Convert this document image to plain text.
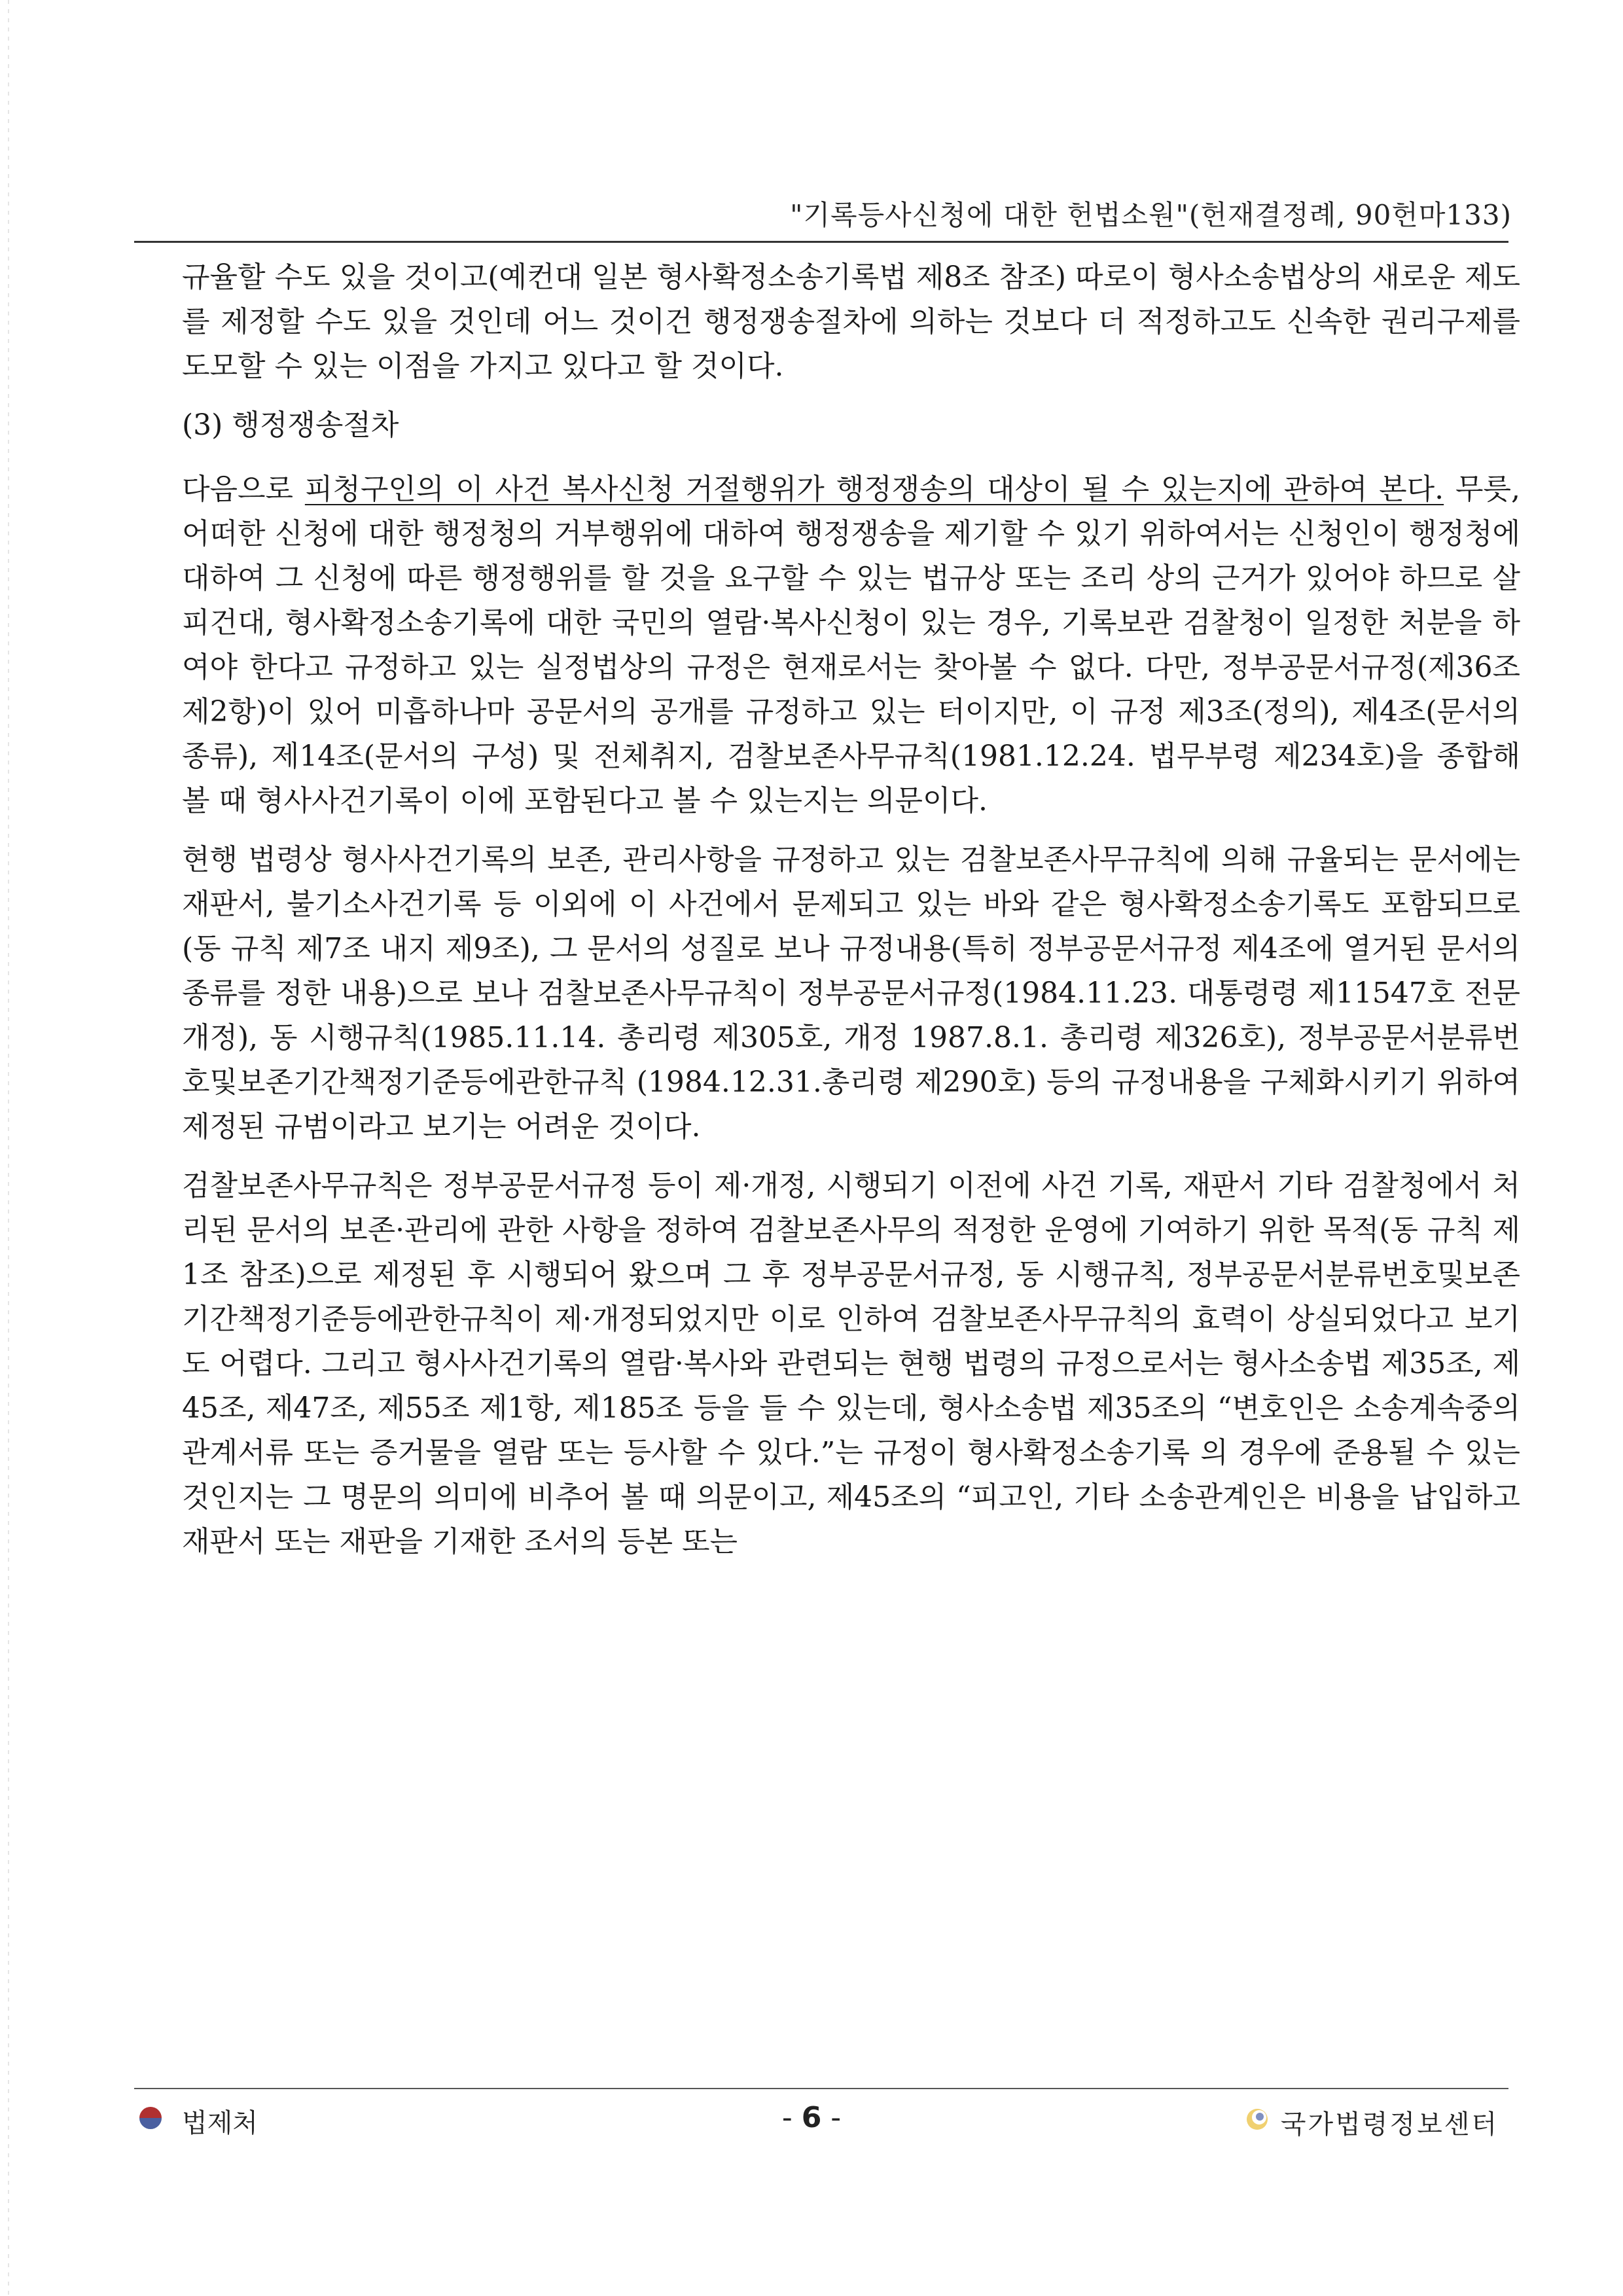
"기록등사신청에 대한 헌법소원"(헌재결정례, 90헌마133)

규율할 수도 있을 것이고(예컨대 일본 형사확정소송기록법 제8조 참조) 따로이 형사소송법상의 새로운 제도를 제정할 수도 있을 것인데 어느 것이건 행정쟁송절차에 의하는 것보다 더 적정하고도 신속한 권리구제를 도모할 수 있는 이점을 가지고 있다고 할 것이다.

(3) 행정쟁송절차

다음으로 피청구인의 이 사건 복사신청 거절행위가 행정쟁송의 대상이 될 수 있는지에 관하여 본다. 무릇, 어떠한 신청에 대한 행정청의 거부행위에 대하여 행정쟁송을 제기할 수 있기 위하여서는 신청인이 행정청에 대하여 그 신청에 따른 행정행위를 할 것을 요구할 수 있는 법규상 또는 조리 상의 근거가 있어야 하므로 살피건대, 형사확정소송기록에 대한 국민의 열람·복사신청이 있는 경우, 기록보관 검찰청이 일정한 처분을 하여야 한다고 규정하고 있는 실정법상의 규정은 현재로서는 찾아볼 수 없다. 다만, 정부공문서규정(제36조 제2항)이 있어 미흡하나마 공문서의 공개를 규정하고 있는 터이지만, 이 규정 제3조(정의), 제4조(문서의 종류), 제14조(문서의 구성) 및 전체취지, 검찰보존사무규칙(1981.12.24. 법무부령 제234호)을 종합해 볼 때 형사사건기록이 이에 포함된다고 볼 수 있는지는 의문이다.

현행 법령상 형사사건기록의 보존, 관리사항을 규정하고 있는 검찰보존사무규칙에 의해 규율되는 문서에는 재판서, 불기소사건기록 등 이외에 이 사건에서 문제되고 있는 바와 같은 형사확정소송기록도 포함되므로(동 규칙 제7조 내지 제9조), 그 문서의 성질로 보나 규정내용(특히 정부공문서규정 제4조에 열거된 문서의 종류를 정한 내용)으로 보나 검찰보존사무규칙이 정부공문서규정(1984.11.23. 대통령령 제11547호 전문개정), 동 시행규칙(1985.11.14. 총리령 제305호, 개정 1987.8.1. 총리령 제326호), 정부공문서분류번호및보존기간책정기준등에관한규칙 (1984.12.31.총리령 제290호) 등의 규정내용을 구체화시키기 위하여 제정된 규범이라고 보기는 어려운 것이다.

검찰보존사무규칙은 정부공문서규정 등이 제·개정, 시행되기 이전에 사건 기록, 재판서 기타 검찰청에서 처리된 문서의 보존·관리에 관한 사항을 정하여 검찰보존사무의 적정한 운영에 기여하기 위한 목적(동 규칙 제1조 참조)으로 제정된 후 시행되어 왔으며 그 후 정부공문서규정, 동 시행규칙, 정부공문서분류번호및보존기간책정기준등에관한규칙이 제·개정되었지만 이로 인하여 검찰보존사무규칙의 효력이 상실되었다고 보기도 어렵다. 그리고 형사사건기록의 열람·복사와 관련되는 현행 법령의 규정으로서는 형사소송법 제35조, 제45조, 제47조, 제55조 제1항, 제185조 등을 들 수 있는데, 형사소송법 제35조의 “변호인은 소송계속중의 관계서류 또는 증거물을 열람 또는 등사할 수 있다.”는 규정이 형사확정소송기록 의 경우에 준용될 수 있는 것인지는 그 명문의 의미에 비추어 볼 때 의문이고, 제45조의 “피고인, 기타 소송관계인은 비용을 납입하고 재판서 또는 재판을 기재한 조서의 등본 또는

법제처	- 6 -	국가법령정보센터
